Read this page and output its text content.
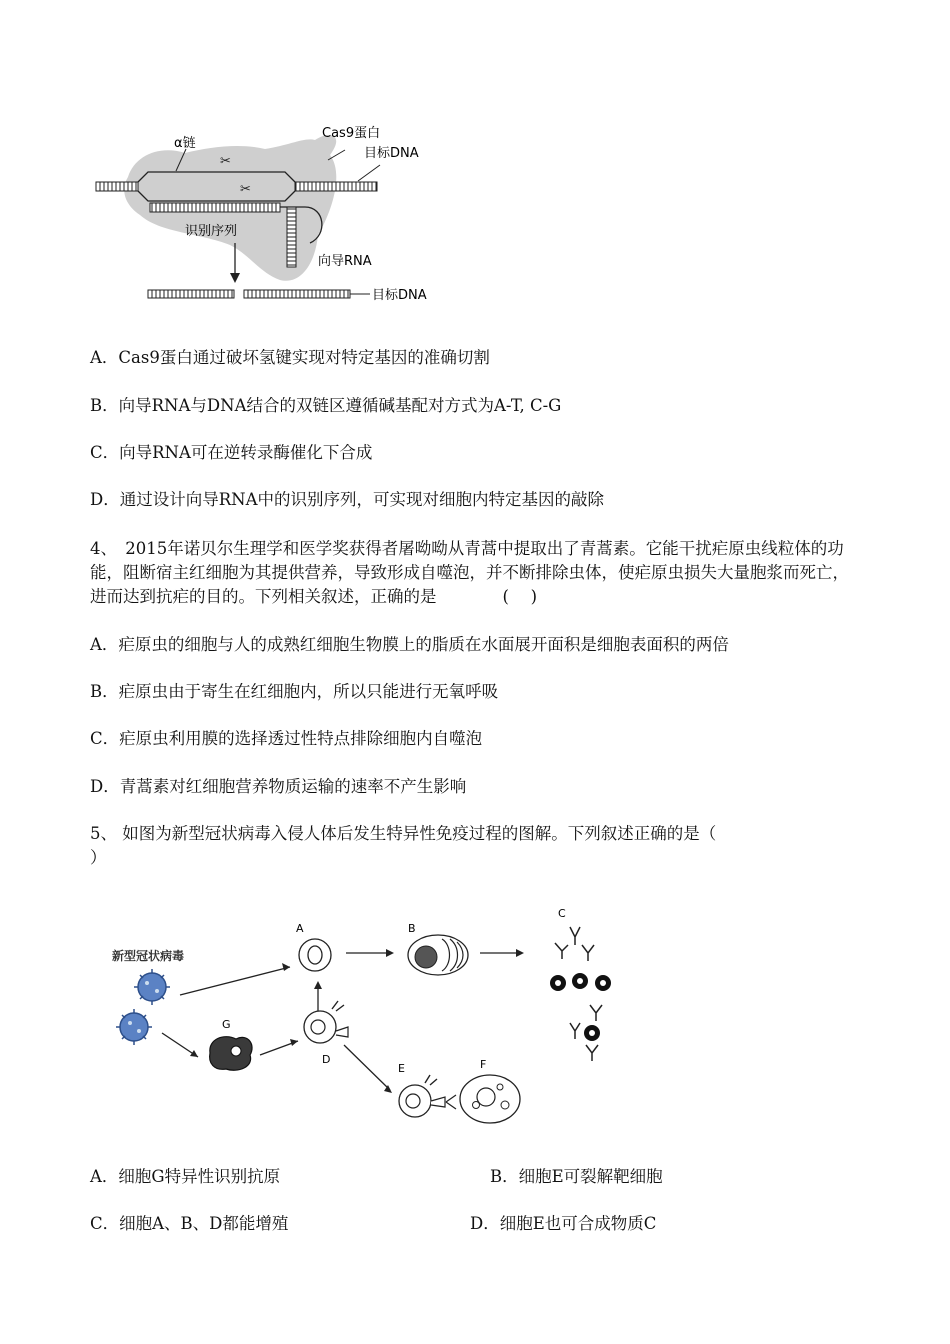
✂
✂
α链
Cas9蛋白
目标DNA
识别序列
向导RNA
目标DNA
A．Cas9蛋白通过破坏氢键实现对特定基因的准确切割
B．向导RNA与DNA结合的双链区遵循碱基配对方式为A-T, C-G
C．向导RNA可在逆转录酶催化下合成
D．通过设计向导RNA中的识别序列，可实现对细胞内特定基因的敲除
4、　2015年诺贝尔生理学和医学奖获得者屠呦呦从青蒿中提取出了青蒿素。它能干扰疟原虫线粒体的功能，阻断宿主红细胞为其提供营养，导致形成自噬泡，并不断排除虫体，使疟原虫损失大量胞浆而死亡，进而达到抗疟的目的。下列相关叙述，正确的是　　　　(　 )
A．疟原虫的细胞与人的成熟红细胞生物膜上的脂质在水面展开面积是细胞表面积的两倍
B．疟原虫由于寄生在红细胞内，所以只能进行无氧呼吸
C．疟原虫利用膜的选择透过性特点排除细胞内自噬泡
D．青蒿素对红细胞营养物质运输的速率不产生影响
5、 如图为新型冠状病毒入侵人体后发生特异性免疫过程的图解。下列叙述正确的是（
）
新型冠状病毒
A	B
C
G
D
E	F
A．细胞G特异性识别抗原	B．细胞E可裂解靶细胞
C．细胞A、B、D都能增殖	D．细胞E也可合成物质C
